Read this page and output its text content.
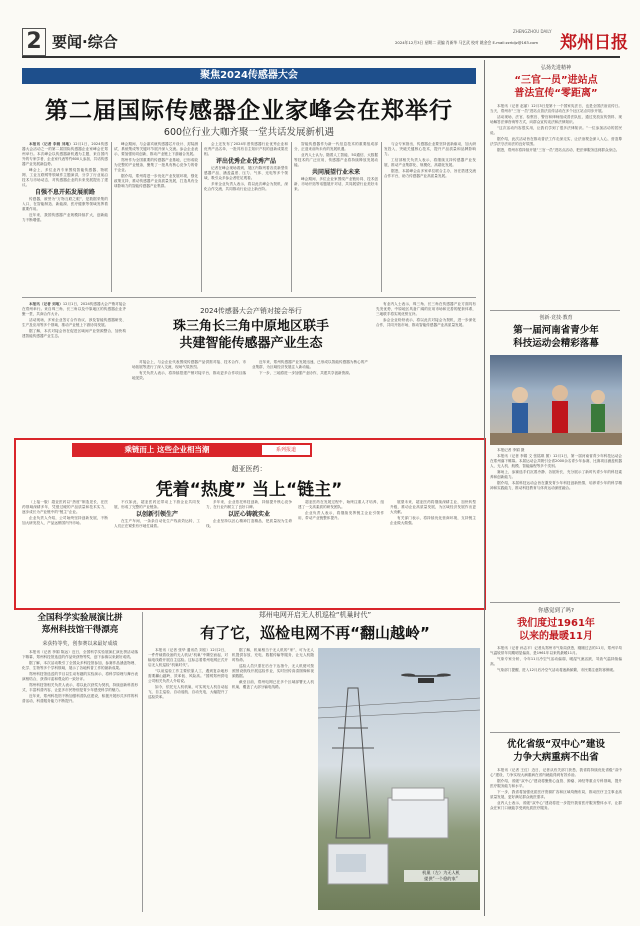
2 要闻·综合	2024年12月3日 星期二 责编 肖新华 马艺武 校对 姚金会 E-mail:zzrbljz@163.com
ZHENGZHOU DAILY
郑州日报
聚焦2024传感器大会
第二届国际传感器企业家峰会在郑举行
600位行业大咖齐聚一堂共话发展新机遇

本报讯（记者 李娟 刘地）12月1日，2024传感器大会活动之一的第二届国际传感器企业家峰会在郑州举行。本次峰会以传感器新机遇为主题，来自国内外的专家学者、企业家代表等约600人参加，共话传感器产业发展新趋势。

峰会上，多位业内专家围绕智能传感器、物联网、工业互联网等领域作主题演讲，分享了行业前沿技术与市场动态，对传感器企业的未来发展提出了建议。

自强不息开拓发展前路

传感器，被誉为“万物互联之眼”，是数据采集的入口，在智能制造、新能源、医疗健康等领域发挥着重要作用。

近年来，我国传感器产业规模持续扩大，创新能力不断增强。

峰会期间，与会嘉宾就传感器芯片设计、封装测试、系统集成等关键环节展开深入交流。参会企业表示，要加强协同创新，推动产业链上下游融合发展。

郑州作为全国重要的传感器产业基地，已形成较为完整的产业链条，聚集了一批具有核心竞争力的骨干企业。

据介绍，郑州将进一步优化产业发展环境，强化政策支持，推动传感器产业高质量发展，打造具有全球影响力的智能传感器产业集群。

会上还发布了2024年度传感器行业优秀企业和优秀产品名单，一批具有自主知识产权的创新成果亮相。

评出优秀企业优秀产品

记者在峰会现场看到，展区内陈列着各类新型传感器产品，涵盖温度、压力、气体、光电等多个领域，吸引众多参会者驻足观看。

多家企业负责人表示，将以此次峰会为契机，深化合作交流，共同推动行业迈上新台阶。

智能传感器作为新一代信息技术的重要组成部分，正迎来前所未有的发展机遇。

业内人士认为，随着人工智能、5G通信、大数据等技术的广泛应用，传感器产业将持续释放发展动能。

共同展望行业未来

峰会期间，多位企业家围绕产业链协同、技术创新、市场开拓等话题展开对话，共同展望行业美好未来。

与会专家指出，传感器企业要坚持创新驱动，加大研发投入，突破关键核心技术，提升产品质量和品牌影响力。

工信部相关负责人表示，将继续支持传感器产业发展，推动产业集群化、规模化、高端化发展。

据悉，本届峰会由多家单位联合主办，旨在搭建交流合作平台，助力传感器产业高质量发展。

本报讯（记者 刘地）12月1日，2024传感器大会产销对接会在郑州举行。来自珠三角、长三角以及中原地区的传感器企业齐聚一堂，共商合作大计。

活动现场，多家企业签订合作协议，涉及智能传感器研发、生产及应用等多个领域，推动产业链上下游协同发展。

据了解，本次对接会旨在促进区域间产业资源整合，加快构建智能传感器产业生态。

2024传感器大会产销对接会举行
珠三角长三角中原地区联手
共建智能传感器产业生态

对接会上，与会企业代表围绕传感器产品供需对接、技术合作、市场拓展等进行了深入交流，现场气氛热烈。

有关负责人表示，将持续搭建产销对接平台，推动更多合作项目落地见效。

近年来，郑州传感器产业发展迅速，已形成以智能传感器为核心的产业集群，为区域经济发展注入新动能。

下一步，三地将进一步加强产业协作，共建共享创新资源。

有业内人士表示，珠三角、长三角在传感器产业方面具有先发优势，中原地区具备广阔的应用市场和完善的配套体系，三地联手将实现优势互补。

参会企业纷纷表示，将以此次对接会为契机，进一步深化合作，共同开拓市场，推动智能传感器产业高质量发展。

乘链而上 这些企业相当潮	系列报道
超亚医药：
凭着“热度” 当上“链主”

（上接一版）超亚医药以“热度”制造见长，在医药领域深耕多年，凭借过硬的产品质量和技术实力，逐步成长为产业链中的“链主”企业。

企业负责人介绍，公司始终坚持创新发展，不断加大研发投入，产品远销国内外市场。

不仅如此，超亚医药还带动上下游企业共同发展，形成了完整的产业链条。

以创新引领生产

在生产车间，一条条自动化生产线高效运转，工人们正在紧张有序地忙碌着。

多年来，企业依托科技创新，持续提升核心竞争力，在行业内树立了良好口碑。

以匠心铸就实业

企业坚持以匠心精神打造精品，把质量视为生命线。

超亚医药在发展过程中，始终注重人才培养，组建了一支高素质的研发团队。

企业负责人表示，将继续发挥链主企业引领作用，带动产业链整体提升。

展望未来，超亚医药将继续深耕主业，加快转型升级，推动企业高质量发展，为区域经济发展作出更大贡献。

有关部门表示，将持续优化营商环境，支持链主企业做大做强。

全国科学实验展演比拼
郑州科技馆干得漂亮
荣获特等奖，创参赛以来最好成绩

本报讯（记者 李娟 陈远）近日，全国科学实验展演汇演比拼活动落下帷幕，郑州科技馆选送的作品荣获特等奖，创下参赛以来最好成绩。

据了解，本次活动吸引了全国众多科技馆参加，参赛作品涵盖物理、化学、生物等多个学科领域，展示了各地科普工作的最新成果。

郑州科技馆选送的节目以生动有趣的实验演示，将科学原理与舞台表演相结合，获得评委和观众的一致好评。

郑州科技馆相关负责人表示，将以此次获奖为契机，持续创新科普形式，丰富科普内容，让更多市民特别是青少年感受科学的魅力。

近年来，郑州科技馆不断加强科普队伍建设，积极开展形式多样的科普活动，科普服务能力不断提升。

郑州电网开启无人机巡检“机巢时代”
有了它，巡检电网不再“翻山越岭”

本报讯（记者 张华 通讯员 刘佳）12月2日，一件件载着设备的无人机从“机巢”中腾空而起，对输电线路开展自主巡检。这标志着郑州电网正式开启无人机巡检“机巢时代”。

“以前巡检工作主要依靠人工，遇到复杂地形需要翻山越岭，效率低、风险高。”国网郑州供电公司相关负责人介绍说。

如今，依托无人机机巢，可实现无人机自动起飞、自主巡检、自动返航、自动充电，大幅提升了巡检效率。

据了解，机巢相当于无人机的“家”，可为无人机提供存放、充电、数据传输等服务，让无人机随时待命。

巡检人员只需在后台下达指令，无人机便可按照预设航线开展巡检作业，实时回传高清图像和视频数据。

截至目前，郑州电网已在多个区域部署无人机机巢，覆盖了大部分输电线路。

机巢（左）为无人机
提供“一个稳的家”
弘扬先进精神
“三官一员”进站点
普法宣传“零距离”

本报讯（记者 赵丽）12月3日是第十一个国家宪法日，也是全国法治宣传日。当天，郑州市“三官一员”进站点普法宣传活动在多个社区站点同步开展。

活动现场，法官、检察官、警官和律师组成普法队伍，通过发放宣传资料、现场解答法律咨询等方式，向群众宣传宪法和法律知识。

“这次活动内容很实用，让我们学到了很多法律知识。”一位参加活动的居民说。

据介绍，此次活动旨在推动普法工作走深走实，让法治观念深入人心，营造尊法学法守法用法的良好氛围。

据悉，郑州市将持续开展“三官一员”进站点活动，把法律服务送到群众身边。

创新·竞技·教育
第一届河南省青少年
科技运动会精彩落幕

本报记者 李娟 摄

本报讯（记者 李娟 文 张铭琪 图）12月1日，第一届河南省青少年科技运动会在郑州落下帷幕。本届运动会共吸引全省2000余名青少年参赛，比赛项目涵盖机器人、无人机、航模、智能编程等多个类别。

赛场上，参赛选手们沉着冷静、各展所长，充分展示了新时代青少年的科技素养和创新能力。

据介绍，本届科技运动会旨在激发青少年科技创新热情，培养青少年的科学精神和实践能力，推动科技教育与体育运动深度融合。

你感觉到了吗?
我们度过1961年
以来的最暖11月

本报讯（记者 孙志平）记者从郑州市气象局获悉，刚刚过去的11月，郑州平均气温较常年同期明显偏高，是1961年以来的最暖11月。

气象专家分析，今年11月冷空气活动偏弱，暖湿气流活跃，导致气温持续偏高。

气象部门提醒，进入12月后冷空气活动将逐渐频繁，市民要注意防寒保暖。

优化省级“双中心”建设
力争大病重病不出省

本报讯（记者 王红）近日，记者从有关部门获悉，我省将持续优化省级“双中心”建设，力争实现大病重病在省内就能得到有效诊治。

据介绍，省级“双中心”建设将聚焦心血管、肿瘤、神经等重点专科领域，提升医疗服务能力和水平。

下一步，我省将加强优质医疗资源扩容和区域均衡布局，推动医疗卫生事业高质量发展，更好满足群众就医需求。

业内人士表示，省级“双中心”建设将进一步提升我省医疗服务整体水平，让群众在家门口就能享受到优质医疗服务。
